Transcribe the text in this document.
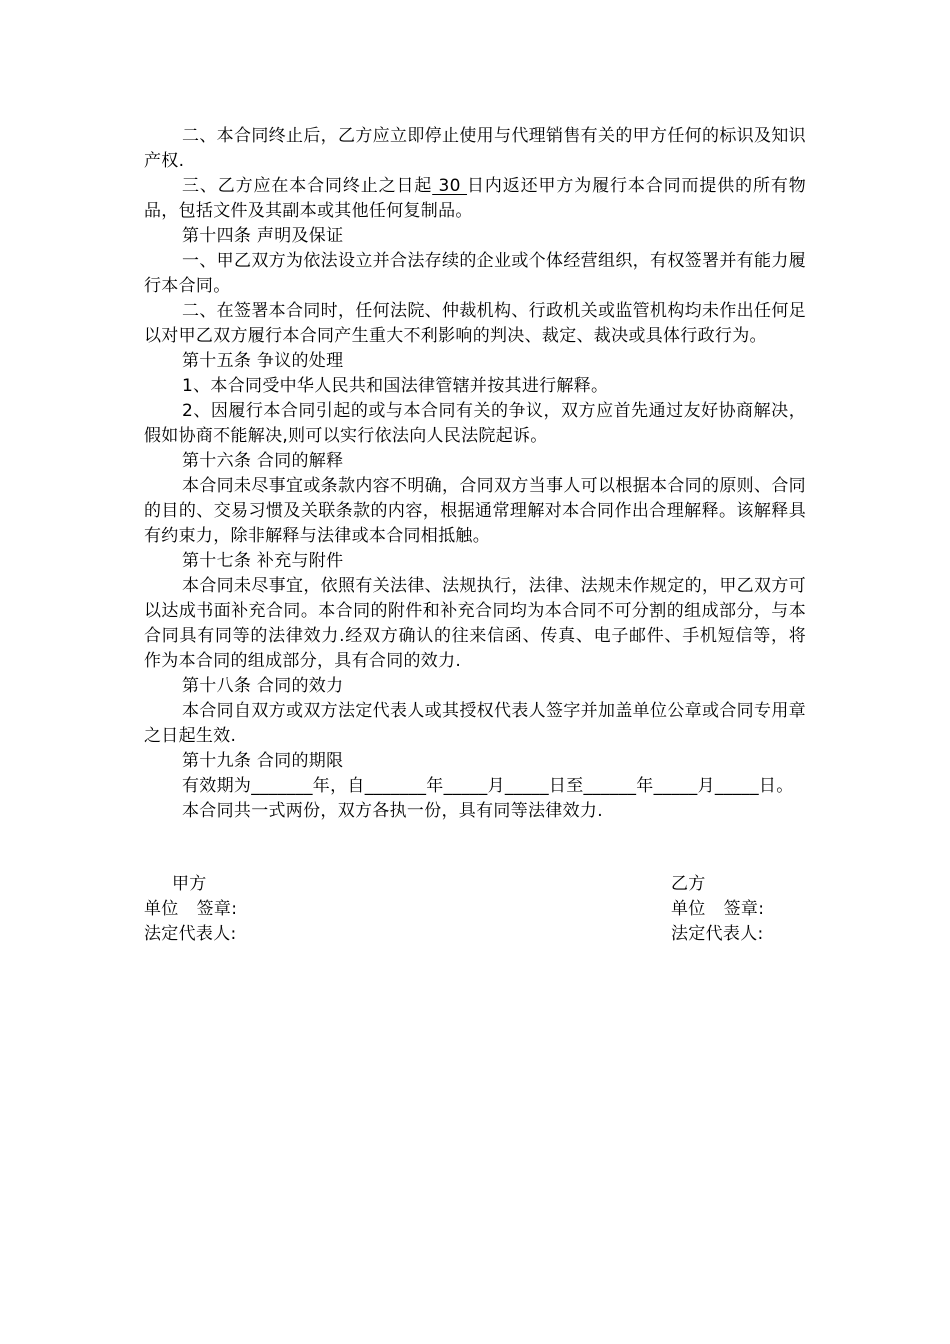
二、本合同终止后，乙方应立即停止使用与代理销售有关的甲方任何的标识及知识产权.

三、乙方应在本合同终止之日起 30 日内返还甲方为履行本合同而提供的所有物品，包括文件及其副本或其他任何复制品。

第十四条 声明及保证

一、甲乙双方为依法设立并合法存续的企业或个体经营组织，有权签署并有能力履行本合同。

二、在签署本合同时，任何法院、仲裁机构、行政机关或监管机构均未作出任何足以对甲乙双方履行本合同产生重大不利影响的判决、裁定、裁决或具体行政行为。

第十五条 争议的处理

1、本合同受中华人民共和国法律管辖并按其进行解释。

2、因履行本合同引起的或与本合同有关的争议，双方应首先通过友好协商解决，假如协商不能解决,则可以实行依法向人民法院起诉。

第十六条 合同的解释

本合同未尽事宜或条款内容不明确，合同双方当事人可以根据本合同的原则、合同的目的、交易习惯及关联条款的内容，根据通常理解对本合同作出合理解释。该解释具有约束力，除非解释与法律或本合同相抵触。

第十七条 补充与附件

本合同未尽事宜，依照有关法律、法规执行，法律、法规未作规定的，甲乙双方可以达成书面补充合同。本合同的附件和补充合同均为本合同不可分割的组成部分，与本合同具有同等的法律效力.经双方确认的往来信函、传真、电子邮件、手机短信等，将作为本合同的组成部分，具有合同的效力.

第十八条 合同的效力

本合同自双方或双方法定代表人或其授权代表人签字并加盖单位公章或合同专用章之日起生效.

第十九条 合同的期限

有效期为_______年，自_______年_____月_____日至______年_____月_____日。

本合同共一式两份，双方各执一份，具有同等法律效力.

甲方
单位 签章:
法定代表人:
乙方
单位 签章:
法定代表人:
